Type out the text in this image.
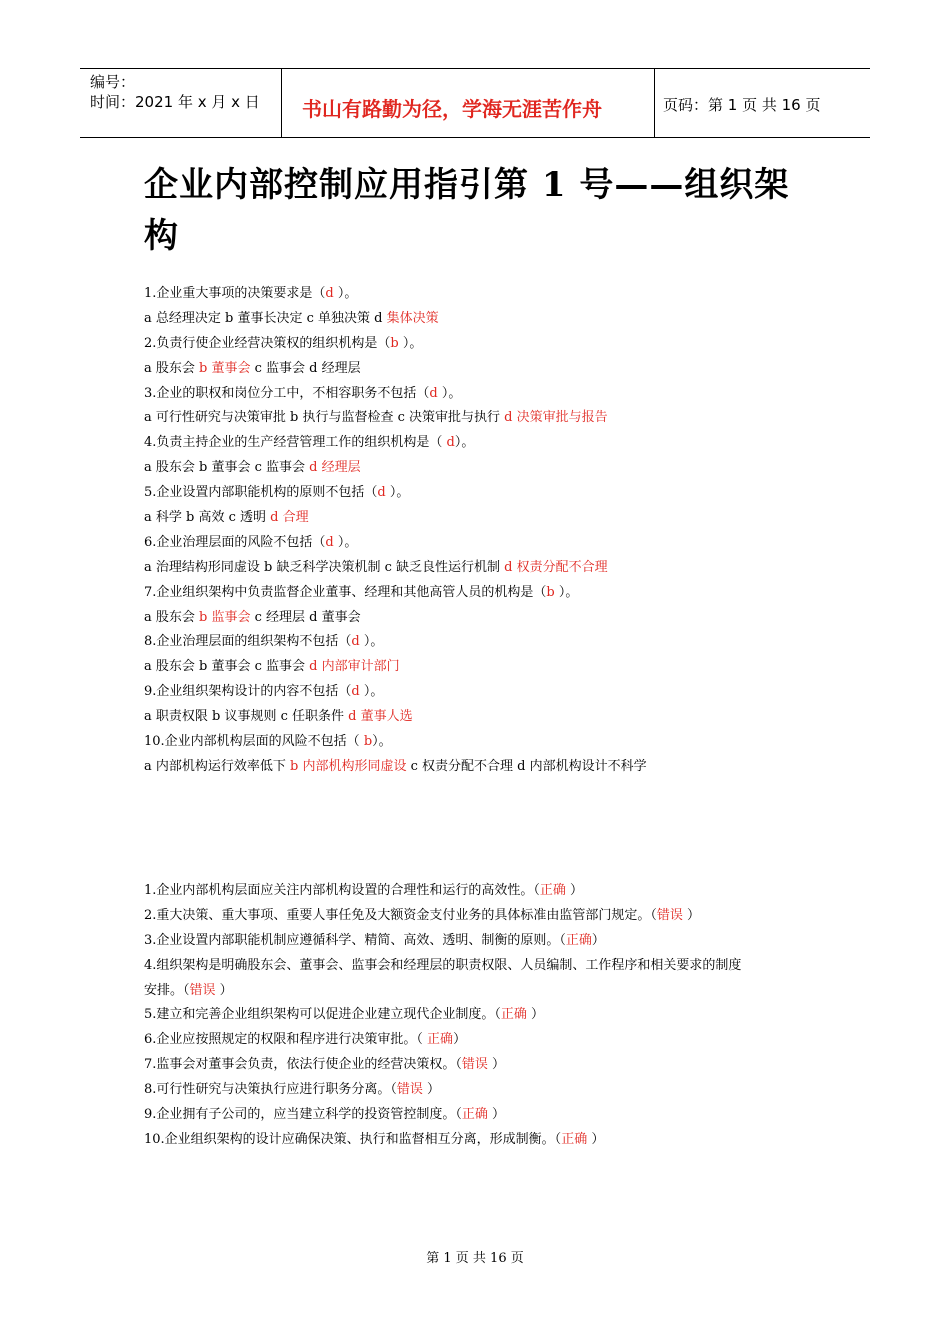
编号：
时间：2021 年 x 月 x 日 书山有路勤为径，学海无涯苦作舟	页码：第 1 页 共 16 页
企业内部控制应用指引第 1 号——组织架构
1.企业重大事项的决策要求是（d ）。
a 总经理决定 b 董事长决定 c 单独决策 d 集体决策
2.负责行使企业经营决策权的组织机构是（b ）。
a 股东会 b 董事会 c 监事会 d 经理层
3.企业的职权和岗位分工中，不相容职务不包括（d ）。
a 可行性研究与决策审批 b 执行与监督检查 c 决策审批与执行 d 决策审批与报告
4.负责主持企业的生产经营管理工作的组织机构是（ d）。
a 股东会 b 董事会 c 监事会 d 经理层
5.企业设置内部职能机构的原则不包括（d ）。
a 科学 b 高效 c 透明 d 合理
6.企业治理层面的风险不包括（d ）。
a 治理结构形同虚设 b 缺乏科学决策机制 c 缺乏良性运行机制 d 权责分配不合理
7.企业组织架构中负责监督企业董事、经理和其他高管人员的机构是（b ）。
a 股东会 b 监事会 c 经理层 d 董事会
8.企业治理层面的组织架构不包括（d ）。
a 股东会 b 董事会 c 监事会 d 内部审计部门
9.企业组织架构设计的内容不包括（d ）。
a 职责权限 b 议事规则 c 任职条件 d 董事人选
10.企业内部机构层面的风险不包括（ b）。
a 内部机构运行效率低下 b 内部机构形同虚设 c 权责分配不合理 d 内部机构设计不科学
1.企业内部机构层面应关注内部机构设置的合理性和运行的高效性。（正确 ）
2.重大决策、重大事项、重要人事任免及大额资金支付业务的具体标准由监管部门规定。（错误 ）
3.企业设置内部职能机制应遵循科学、精简、高效、透明、制衡的原则。（正确）
4.组织架构是明确股东会、董事会、监事会和经理层的职责权限、人员编制、工作程序和相关要求的制度
安排。（错误 ）
5.建立和完善企业组织架构可以促进企业建立现代企业制度。（正确 ）
6.企业应按照规定的权限和程序进行决策审批。（ 正确）
7.监事会对董事会负责，依法行使企业的经营决策权。（错误 ）
8.可行性研究与决策执行应进行职务分离。（错误 ）
9.企业拥有子公司的，应当建立科学的投资管控制度。（正确 ）
10.企业组织架构的设计应确保决策、执行和监督相互分离，形成制衡。（正确 ）
第 1 页 共 16 页
